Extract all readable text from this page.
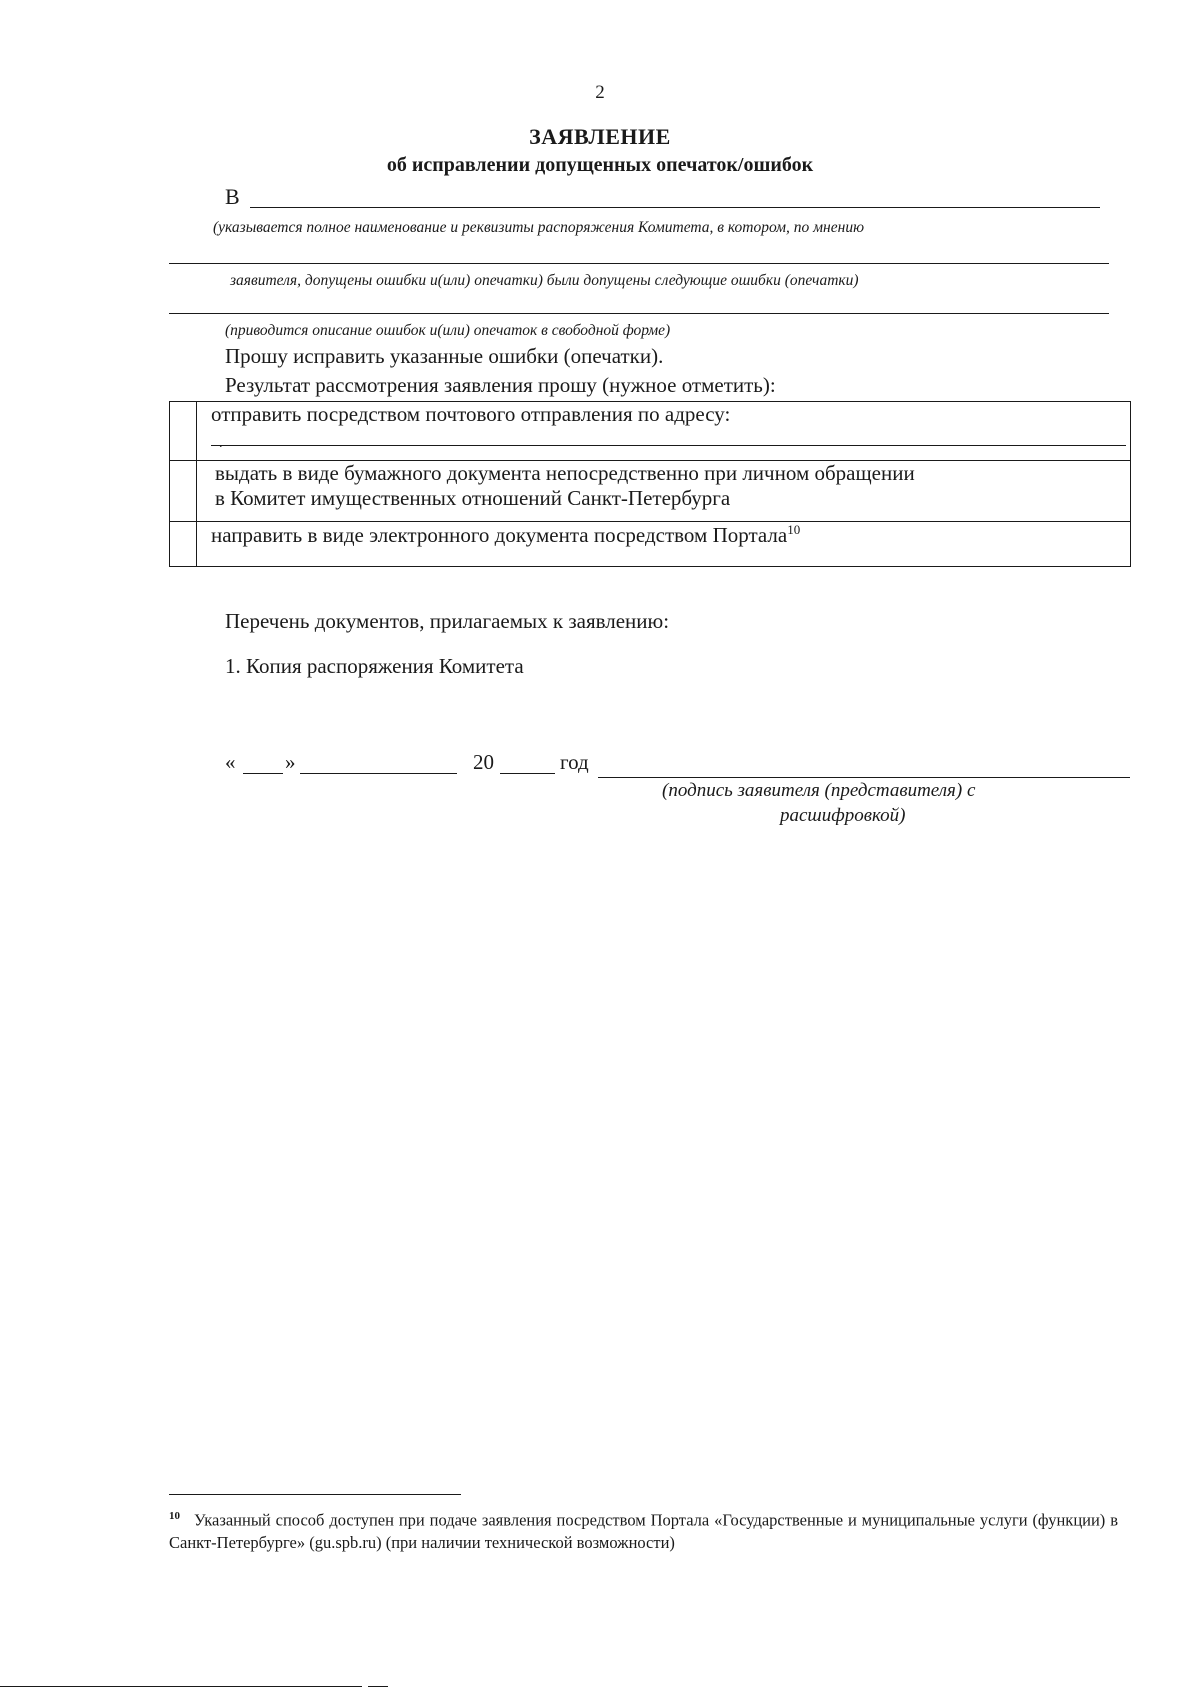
2
ЗАЯВЛЕНИЕ
об исправлении допущенных опечаток/ошибок
В
(указывается полное наименование и реквизиты распоряжения Комитета, в котором, по мнению
заявителя, допущены ошибки и(или) опечатки) были допущены следующие ошибки (опечатки)
(приводится описание ошибок и(или) опечаток в свободной форме)
Прошу исправить указанные ошибки (опечатки).
Результат рассмотрения заявления прошу (нужное отметить):
	отправить посредством почтового отправления по адресу:
.

	выдать в виде бумажного документа непосредственно при личном обращении
в Комитет имущественных отношений Санкт-Петербурга

	направить в виде электронного документа посредством Портала$^{10}$
Перечень документов, прилагаемых к заявлению:
1. Копия распоряжения Комитета
« »	20	год
(подпись заявителя (представителя) с
расшифровкой)
$^{10}$ Указанный способ доступен при подаче заявления посредством Портала «Государственные и муниципальные услуги (функции) в Санкт-Петербурге» (gu.spb.ru) (при наличии технической возможности)
